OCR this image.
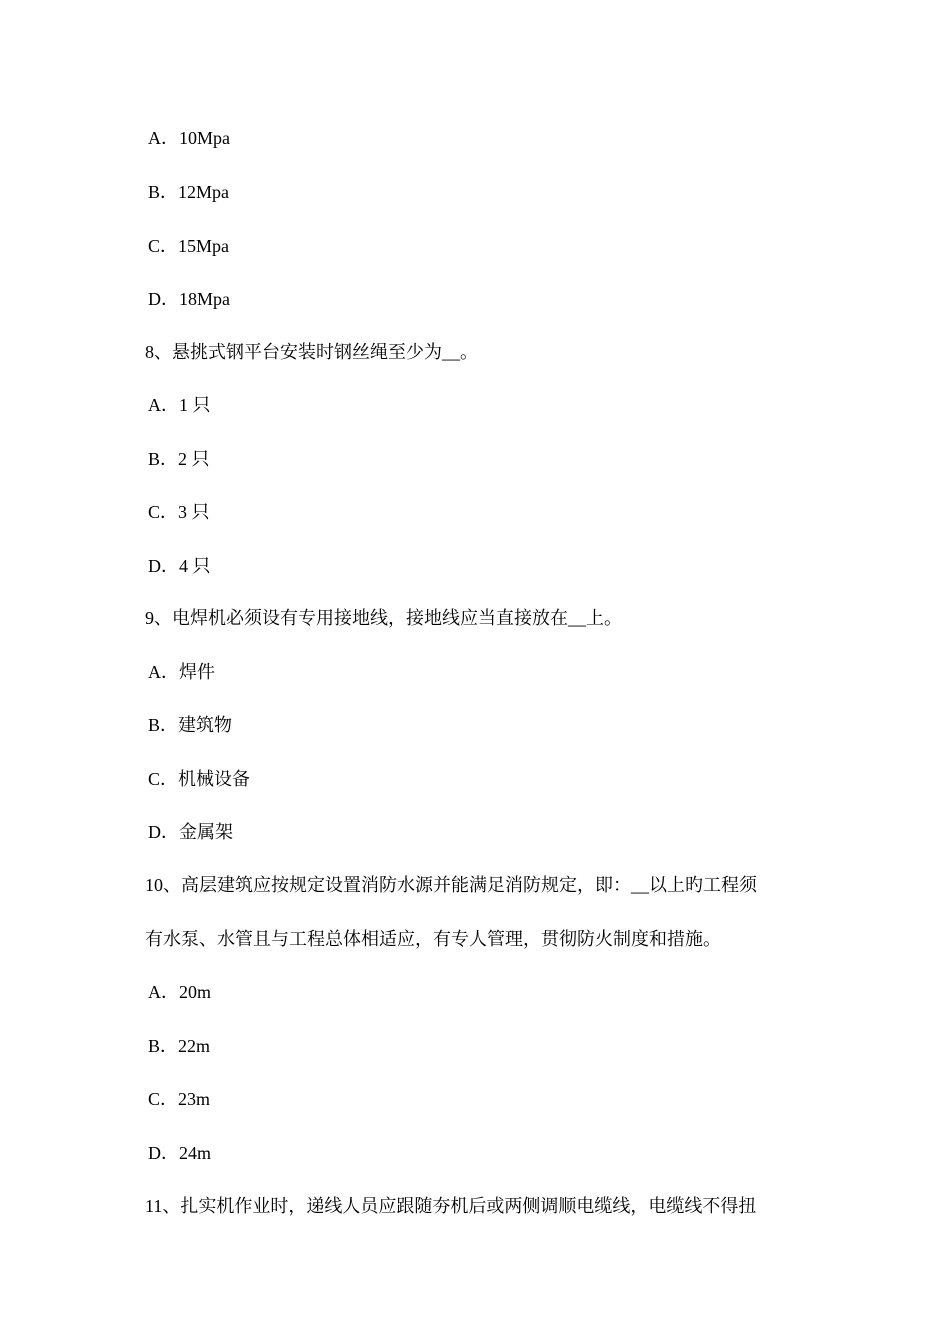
A．10Mpa
B．12Mpa
C．15Mpa
D．18Mpa
8、悬挑式钢平台安装时钢丝绳至少为__。
A．1 只
B．2 只
C．3 只
D．4 只
9、电焊机必须设有专用接地线，接地线应当直接放在__上。
A．焊件
B．建筑物
C．机械设备
D．金属架
10、高层建筑应按规定设置消防水源并能满足消防规定，即：__以上旳工程须
有水泵、水管且与工程总体相适应，有专人管理，贯彻防火制度和措施。
A．20m
B．22m
C．23m
D．24m
11、扎实机作业时，递线人员应跟随夯机后或两侧调顺电缆线，电缆线不得扭
